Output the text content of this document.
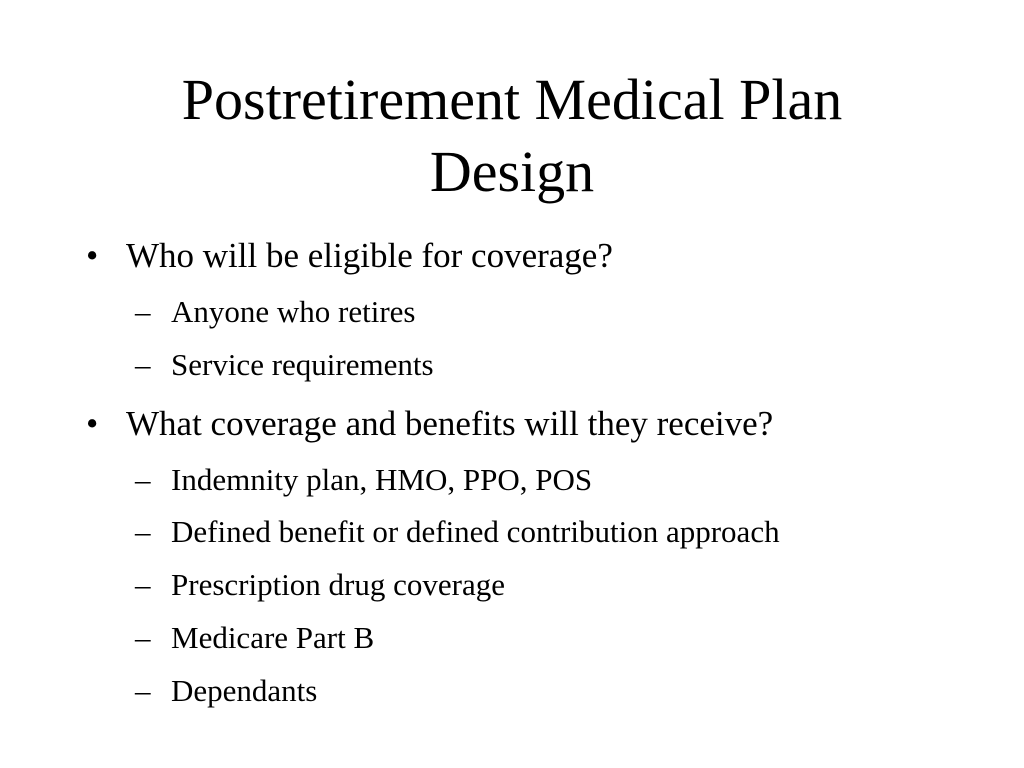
Postretirement Medical Plan
Design
• Who will be eligible for coverage?
– Anyone who retires
– Service requirements
• What coverage and benefits will they receive?
– Indemnity plan, HMO, PPO, POS
– Defined benefit or defined contribution approach
– Prescription drug coverage
– Medicare Part B
– Dependants
